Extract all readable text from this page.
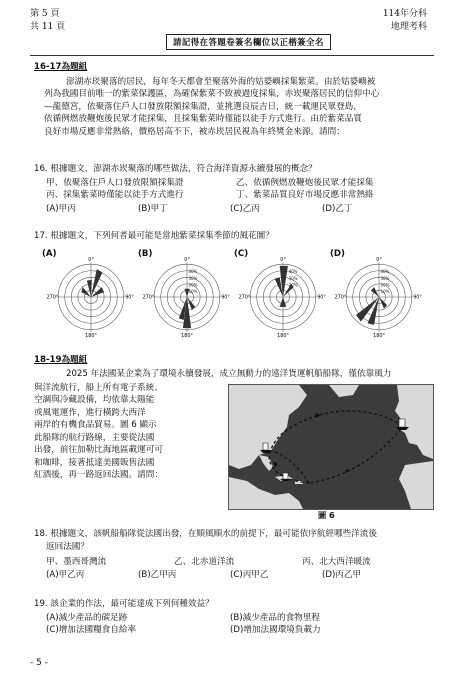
第 5 頁
共 11 頁
請記得在答題卷簽名欄位以正楷簽全名
114年分科
地理考科
16-17為題組
澎湖赤崁聚落的居民，每年冬天都會至聚落外海的姑婆嶼採集紫菜。由於姑婆嶼被
列為我國目前唯一的紫菜保護區，為確保紫菜不致被過度採集，赤崁聚落居民的信仰中心
—龍德宮，依聚落住戶人口發放限額採集證，並挑選良辰吉日，統一載運民眾登島，
依循例燃放鞭炮後民眾才能採集，且採集紫菜時僅能以徒手方式進行。由於紫菜品質
良好市場反應非常熱絡，價格居高不下，被赤崁居民視為年終獎金來源。請問：
16. 根據題文，澎湖赤崁聚落的哪些做法，符合海洋資源永續發展的概念？
甲、依聚落住戶人口發放限額採集證	乙、依循例燃放鞭炮後民眾才能採集
丙、採集紫菜時僅能以徒手方式進行	丁、紫菜品質良好市場反應非常熱絡
(A)甲丙	(B)甲丁	(C)乙丙	(D)乙丁
17. 根據題文，下列何者最可能是當地紫菜採集季節的風花圖？
(A)
0°
90°
180°
270°
(B)
40%
30%
20%
10%
0°
90°
180°
270°
(C)
40%
30%
20%
0°
90°
180°
270°
(D)
40%
30%
20%
10%
0°
90°
180°
270°
18-19為題組
2025 年法國某企業為了環境永續發展，成立無動力的遠洋貨運帆船船隊，僅依靠風力
與洋流航行，船上所有電子系統、
空調與冷藏設備，均依靠太陽能
或風電運作，進行橫跨大西洋
兩岸的有機食品貿易。圖 6 顯示
此船隊的航行路線，主要從法國
出發，前往加勒比海地區載運可可
和咖啡，接著抵達美國販售法國
紅酒後，再一路返回法國。請問：
圖 6
18. 根據題文，該帆船船隊從法國出發，在順風順水的前提下，最可能依序航經哪些洋流後
返回法國？
甲、墨西哥灣流	乙、北赤道洋流	丙、北大西洋暖流
(A)甲乙丙	(B)乙甲丙	(C)丙甲乙	(D)丙乙甲
19. 該企業的作法，最可能達成下列何種效益？
(A)減少產品的碳足跡	(B)減少產品的食物里程
(C)增加法國糧食自給率	(D)增加法國環境負載力
- 5 -
